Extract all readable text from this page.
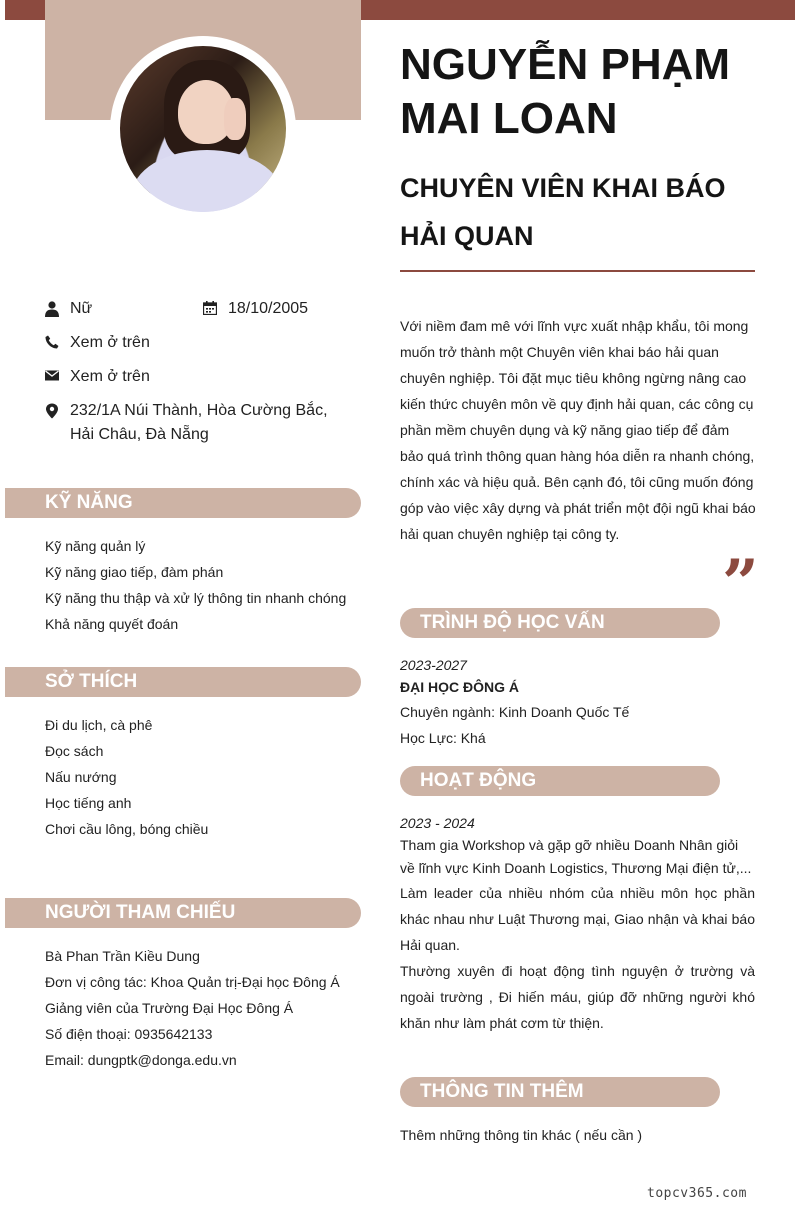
NGUYỄN PHẠM MAI LOAN
CHUYÊN VIÊN KHAI BÁO HẢI QUAN
Nữ	18/10/2005
Xem ở trên
Xem ở trên
232/1A Núi Thành, Hòa Cường Bắc, Hải Châu, Đà Nẵng
Với niềm đam mê với lĩnh vực xuất nhập khẩu, tôi mong muốn trở thành một Chuyên viên khai báo hải quan chuyên nghiệp. Tôi đặt mục tiêu không ngừng nâng cao kiến thức chuyên môn về quy định hải quan, các công cụ phần mềm chuyên dụng và kỹ năng giao tiếp để đảm bảo quá trình thông quan hàng hóa diễn ra nhanh chóng, chính xác và hiệu quả. Bên cạnh đó, tôi cũng muốn đóng góp vào việc xây dựng và phát triển một đội ngũ khai báo hải quan chuyên nghiệp tại công ty.
”
KỸ NĂNG
Kỹ năng quản lý
Kỹ năng giao tiếp, đàm phán
Kỹ năng thu thập và xử lý thông tin nhanh chóng
Khả năng quyết đoán
SỞ THÍCH
Đi du lịch, cà phê
Đọc sách
Nấu nướng
Học tiếng anh
Chơi cầu lông, bóng chiều
NGƯỜI THAM CHIẾU
Bà Phan Trần Kiều Dung
Đơn vị công tác: Khoa Quản trị-Đại học Đông Á
Giảng viên của Trường Đại Học Đông Á
Số điện thoại: 0935642133
Email: dungptk@donga.edu.vn
TRÌNH ĐỘ HỌC VẤN
2023-2027
ĐẠI HỌC ĐÔNG Á
Chuyên ngành: Kinh Doanh Quốc Tế
Học Lực: Khá
HOẠT ĐỘNG
2023 - 2024
Tham gia Workshop và gặp gỡ nhiều Doanh Nhân giỏi về lĩnh vực Kinh Doanh Logistics, Thương Mại điện tử,...
Làm leader của nhiều nhóm của nhiều môn học phần khác nhau như Luật Thương mại, Giao nhận và khai báo Hải quan.
Thường xuyên đi hoạt động tình nguyện ở trường và ngoài trường , Đi hiến máu, giúp đỡ những người khó khăn như làm phát cơm từ thiện.
THÔNG TIN THÊM
Thêm những thông tin khác ( nếu cần )
topcv365.com
